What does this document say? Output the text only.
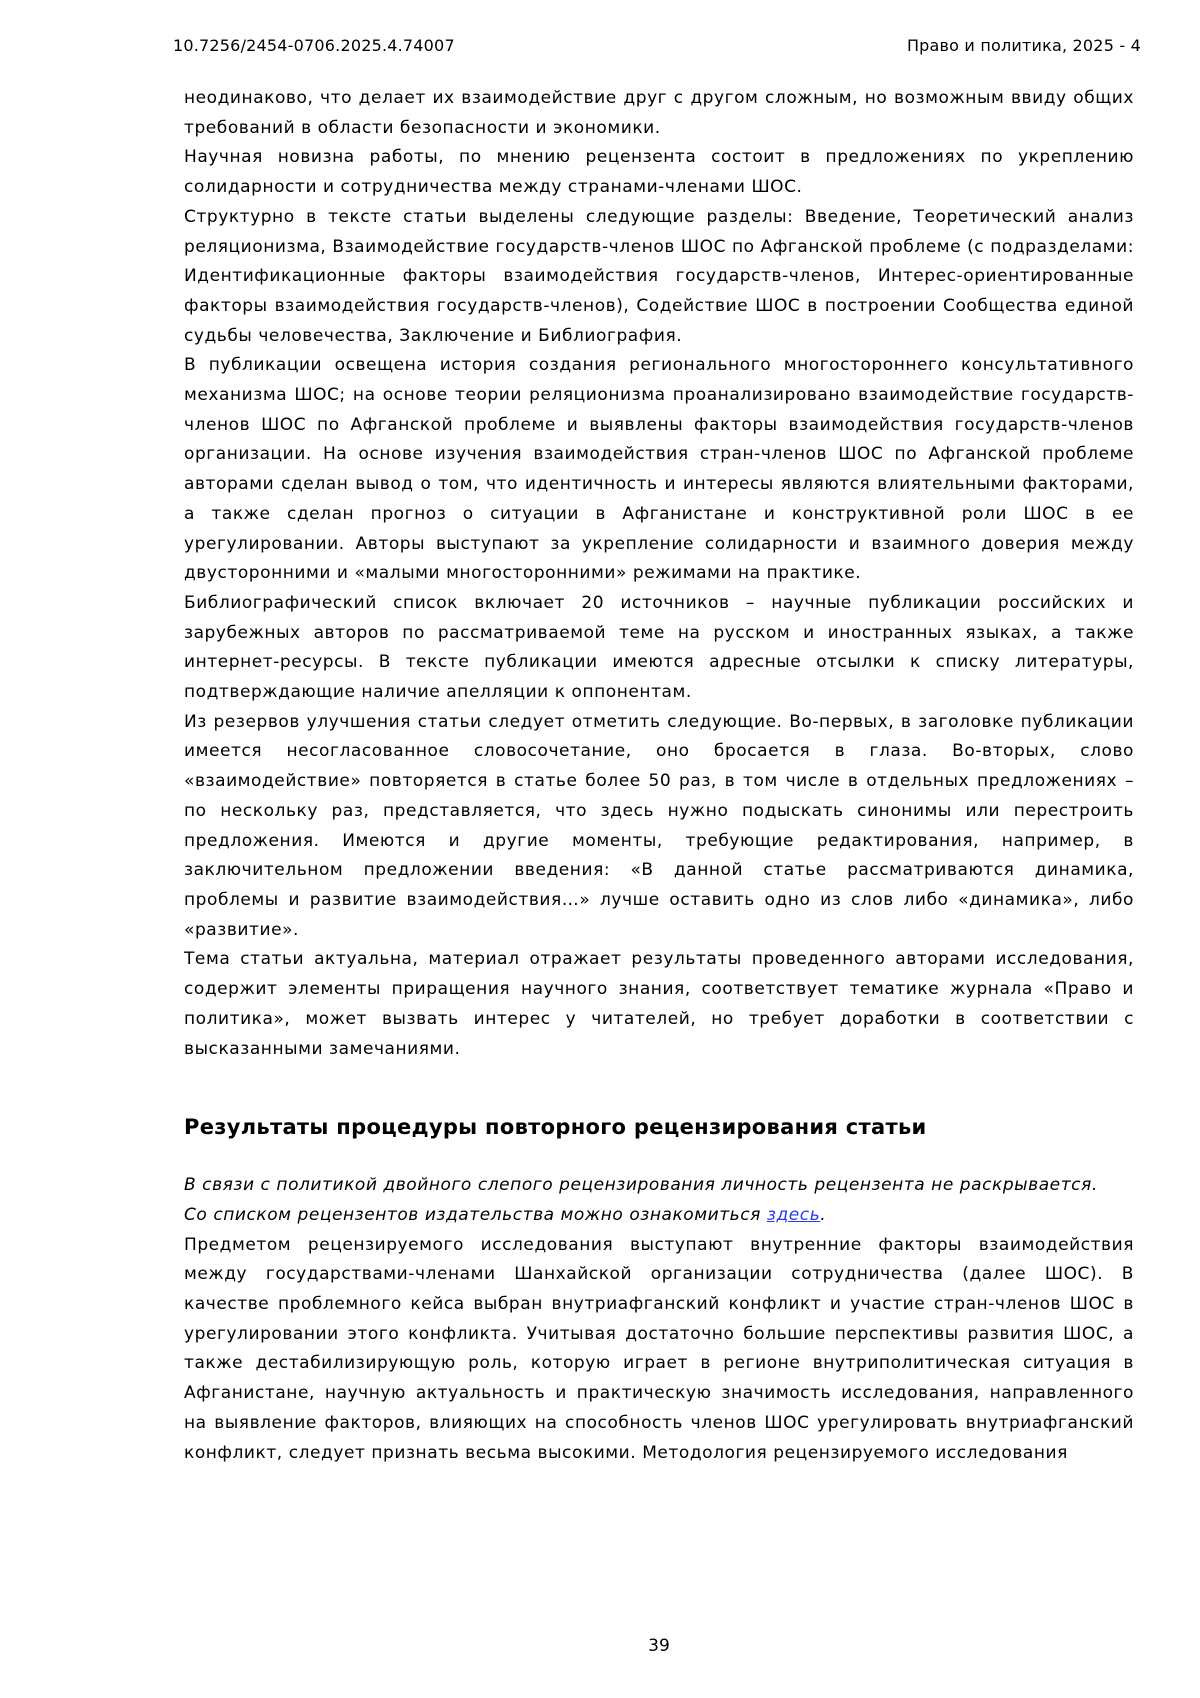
10.7256/2454-0706.2025.4.74007	Право и политика, 2025 - 4

неодинаково, что делает их взаимодействие друг с другом сложным, но возможным ввиду общих требований в области безопасности и экономики.

Научная новизна работы, по мнению рецензента состоит в предложениях по укреплению солидарности и сотрудничества между странами-членами ШОС.

Структурно в тексте статьи выделены следующие разделы: Введение, Теоретический анализ реляционизма, Взаимодействие государств-членов ШОС по Афганской проблеме (с подразделами: Идентификационные факторы взаимодействия государств-членов, Интерес-ориентированные факторы взаимодействия государств-членов), Содействие ШОС в построении Сообщества единой судьбы человечества, Заключение и Библиография.

В публикации освещена история создания регионального многостороннего консультативного механизма ШОС; на основе теории реляционизма проанализировано взаимодействие государств-членов ШОС по Афганской проблеме и выявлены факторы взаимодействия государств-членов организации. На основе изучения взаимодействия стран-членов ШОС по Афганской проблеме авторами сделан вывод о том, что идентичность и интересы являются влиятельными факторами, а также сделан прогноз о ситуации в Афганистане и конструктивной роли ШОС в ее урегулировании. Авторы выступают за укрепление солидарности и взаимного доверия между двусторонними и «малыми многосторонними» режимами на практике.

Библиографический список включает 20 источников – научные публикации российских и зарубежных авторов по рассматриваемой теме на русском и иностранных языках, а также интернет-ресурсы. В тексте публикации имеются адресные отсылки к списку литературы, подтверждающие наличие апелляции к оппонентам.

Из резервов улучшения статьи следует отметить следующие. Во-первых, в заголовке публикации имеется несогласованное словосочетание, оно бросается в глаза. Во-вторых, слово «взаимодействие» повторяется в статье более 50 раз, в том числе в отдельных предложениях – по нескольку раз, представляется, что здесь нужно подыскать синонимы или перестроить предложения. Имеются и другие моменты, требующие редактирования, например, в заключительном предложении введения: «В данной статье рассматриваются динамика, проблемы и развитие взаимодействия…» лучше оставить одно из слов либо «динамика», либо «развитие».

Тема статьи актуальна, материал отражает результаты проведенного авторами исследования, содержит элементы приращения научного знания, соответствует тематике журнала «Право и политика», может вызвать интерес у читателей, но требует доработки в соответствии с высказанными замечаниями.

Результаты процедуры повторного рецензирования статьи

В связи с политикой двойного слепого рецензирования личность рецензента не раскрывается.

Со списком рецензентов издательства можно ознакомиться здесь.

Предметом рецензируемого исследования выступают внутренние факторы взаимодействия между государствами-членами Шанхайской организации сотрудничества (далее ШОС). В качестве проблемного кейса выбран внутриафганский конфликт и участие стран-членов ШОС в урегулировании этого конфликта. Учитывая достаточно большие перспективы развития ШОС, а также дестабилизирующую роль, которую играет в регионе внутриполитическая ситуация в Афганистане, научную актуальность и практическую значимость исследования, направленного на выявление факторов, влияющих на способность членов ШОС урегулировать внутриафганский конфликт, следует признать весьма высокими. Методология рецензируемого исследования

39
